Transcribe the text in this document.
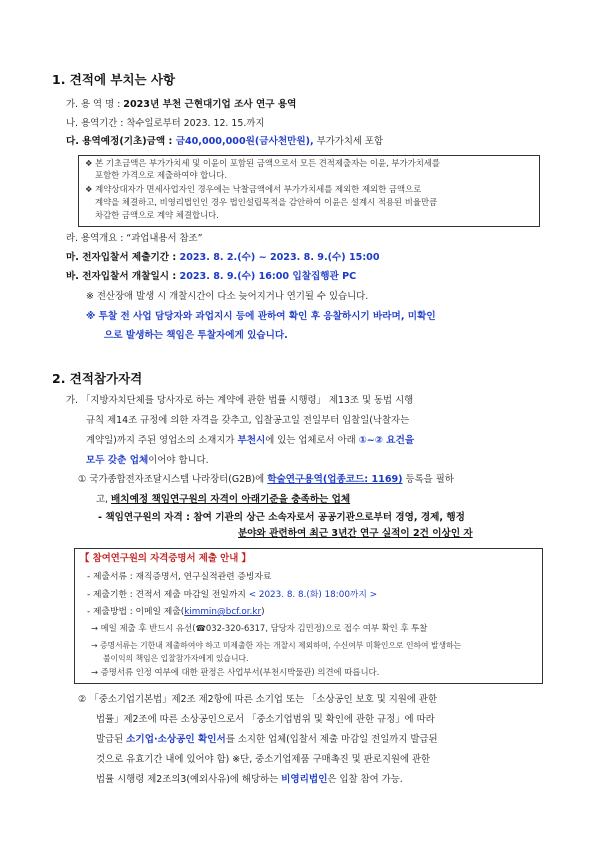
1. 견적에 부치는 사항
가. 용 역 명 : 2023년 부천 근현대기업 조사 연구 용역
나. 용역기간 : 착수일로부터 2023. 12. 15.까지
다. 용역예정(기초)금액 : 금40,000,000원(금사천만원), 부가가치세 포함
❖ 본 기초금액은 부가가치세 및 이윤이 포함된 금액으로서 모든 견적제출자는 이윤, 부가가치세를
포함한 가격으로 제출하여야 합니다.
❖ 계약상대자가 면세사업자인 경우에는 낙찰금액에서 부가가치세를 제외한 제외한 금액으로
계약을 체결하고, 비영리법인인 경우 법인설립목적을 감안하여 이윤은 설계시 적용된 비율만큼
차감한 금액으로 계약 체결합니다.
라. 용역개요 : “과업내용서 참조”
마. 전자입찰서 제출기간 : 2023. 8. 2.(수) ~ 2023. 8. 9.(수) 15:00
바. 전자입찰서 개찰일시 : 2023. 8. 9.(수) 16:00 입찰집행관 PC
※ 전산장애 발생 시 개찰시간이 다소 늦어지거나 연기될 수 있습니다.
※ 투찰 전 사업 담당자와 과업지시 등에 관하여 확인 후 응찰하시기 바라며, 미확인
으로 발생하는 책임은 투찰자에게 있습니다.
2. 견적참가자격
가. 「지방자치단체를 당사자로 하는 계약에 관한 법률 시행령」 제13조 및 동법 시행
규칙 제14조 규정에 의한 자격을 갖추고, 입찰공고일 전일부터 입찰일(낙찰자는
계약일)까지 주된 영업소의 소재지가 부천시에 있는 업체로서 아래 ①~② 요건을
모두 갖춘 업체이어야 합니다.
① 국가종합전자조달시스템 나라장터(G2B)에 학술연구용역(업종코드: 1169) 등록을 필하
고, 배치예정 책임연구원의 자격이 아래기준을 충족하는 업체
- 책임연구원의 자격 : 참여 기관의 상근 소속자로서 공공기관으로부터 경영, 경제, 행정
분야와 관련하여 최근 3년간 연구 실적이 2건 이상인 자
【 참여연구원의 자격증명서 제출 안내 】
- 제출서류 : 재직증명서, 연구실적관련 증빙자료
- 제출기한 : 견적서 제출 마감일 전일까지 < 2023. 8. 8.(화) 18:00까지 >
- 제출방법 : 이메일 제출(kimmin@bcf.or.kr)
→ 메일 제출 후 반드시 유선(☎032-320-6317, 담당자 김민정)으로 접수 여부 확인 후 투찰
→ 증명서류는 기한내 제출하여야 하고 미제출한 자는 개찰시 제외하며, 수신여부 미확인으로 인하여 발생하는
불이익의 책임은 입찰참가자에게 있습니다.
→ 증명서류 인정 여부에 대한 판정은 사업부서(부천시박물관) 의견에 따릅니다.
② 「중소기업기본법」제2조 제2항에 따른 소기업 또는 「소상공인 보호 및 지원에 관한
법률」제2조에 따른 소상공인으로서 「중소기업범위 및 확인에 관한 규정」에 따라
발급된 소기업·소상공인 확인서를 소지한 업체(입찰서 제출 마감일 전일까지 발급된
것으로 유효기간 내에 있어야 함) ※단, 중소기업제품 구매촉진 및 판로지원에 관한
법률 시행령 제2조의3(예외사유)에 해당하는 비영리법인은 입찰 참여 가능.
